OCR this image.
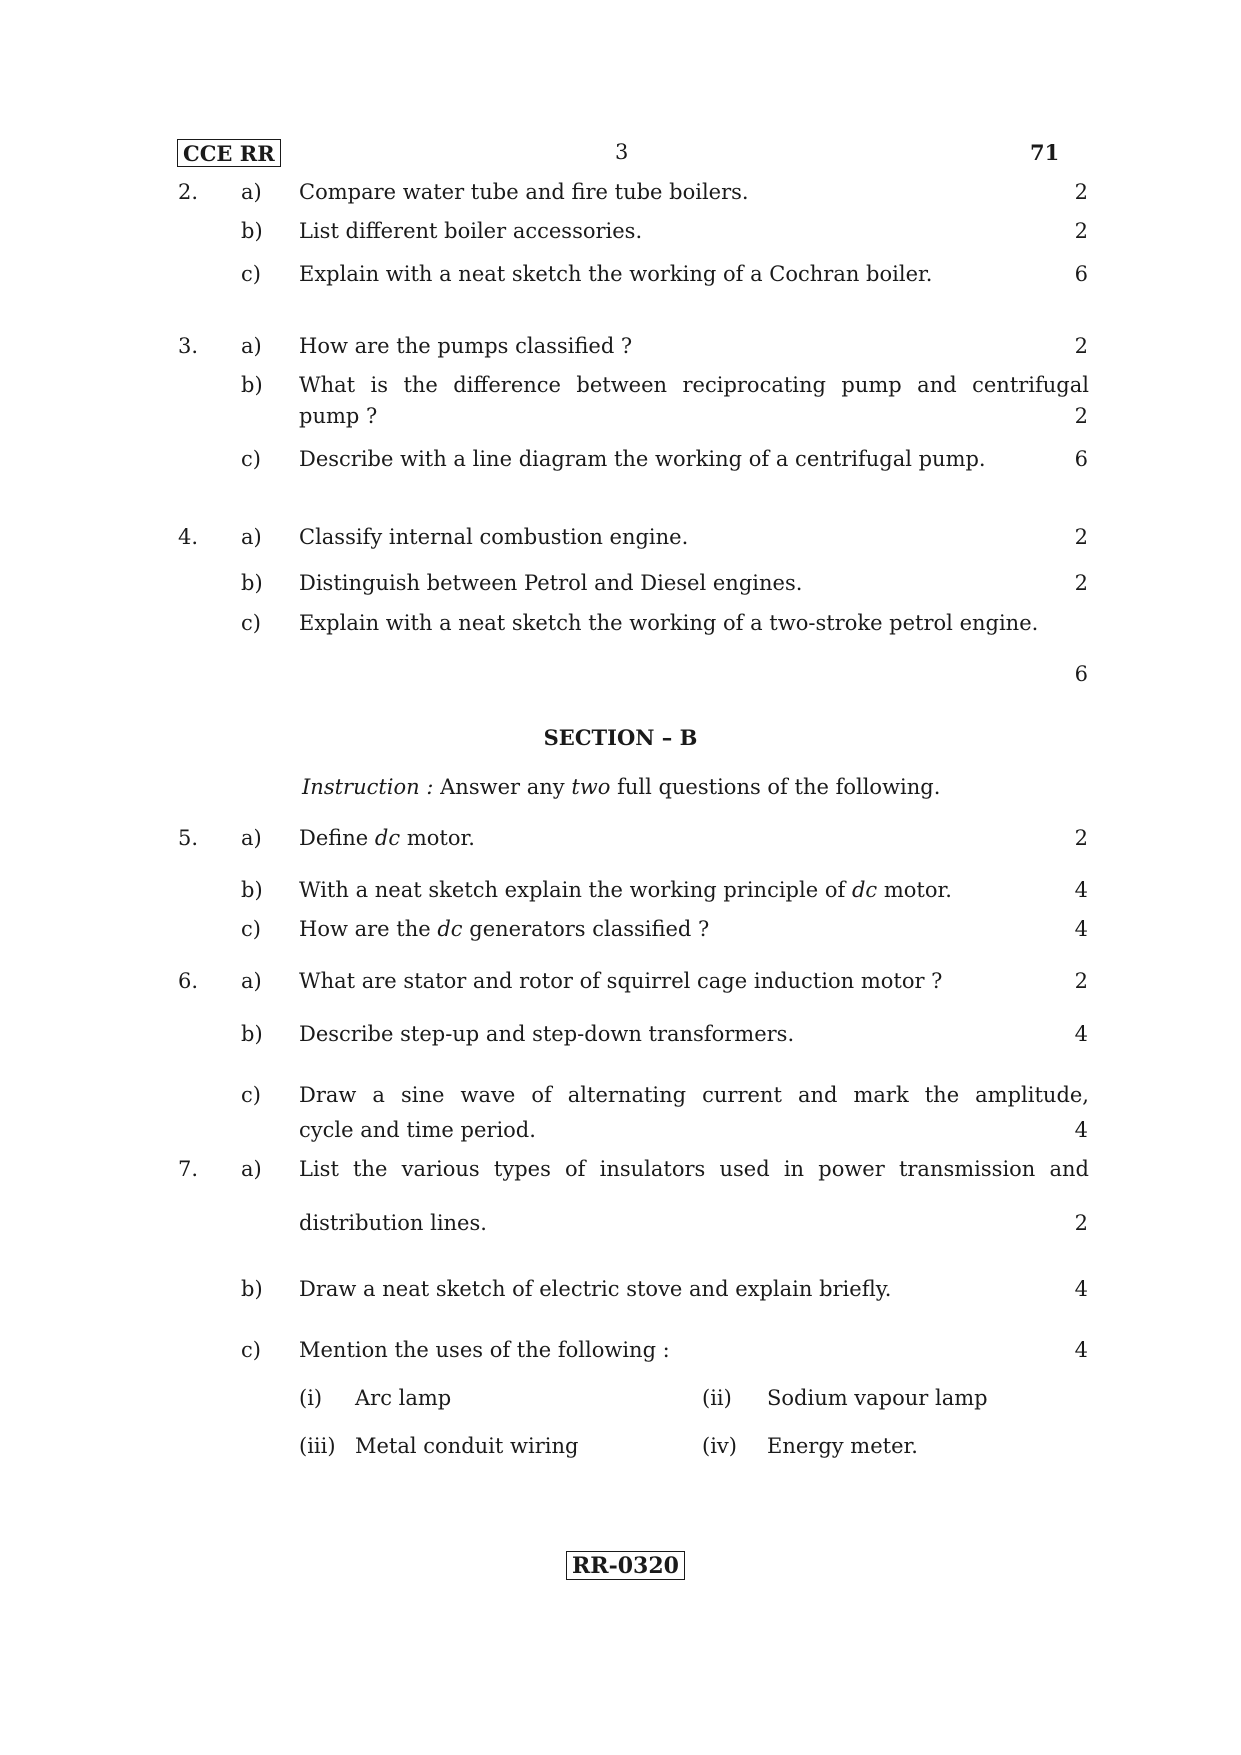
CCE RR	3	71
2. a) Compare water tube and fire tube boilers.	2
b) List different boiler accessories.	2
c) Explain with a neat sketch the working of a Cochran boiler.	6
3. a) How are the pumps classified ?	2
b) What is the difference between reciprocating pump and centrifugal
pump ?	2
c) Describe with a line diagram the working of a centrifugal pump.	6
4. a) Classify internal combustion engine.	2
b) Distinguish between Petrol and Diesel engines.	2
c) Explain with a neat sketch the working of a two-stroke petrol engine.
6
SECTION – B
Instruction : Answer any two full questions of the following.
5. a) Define dc motor.	2
b) With a neat sketch explain the working principle of dc motor.	4
c) How are the dc generators classified ?	4
6. a) What are stator and rotor of squirrel cage induction motor ?	2
b) Describe step-up and step-down transformers.	4
c) Draw a sine wave of alternating current and mark the amplitude,
cycle and time period.	4
7. a) List the various types of insulators used in power transmission and
distribution lines.	2
b) Draw a neat sketch of electric stove and explain briefly.	4
c) Mention the uses of the following :	4
(i) Arc lamp	(ii) Sodium vapour lamp
(iii) Metal conduit wiring	(iv) Energy meter.
RR-0320
